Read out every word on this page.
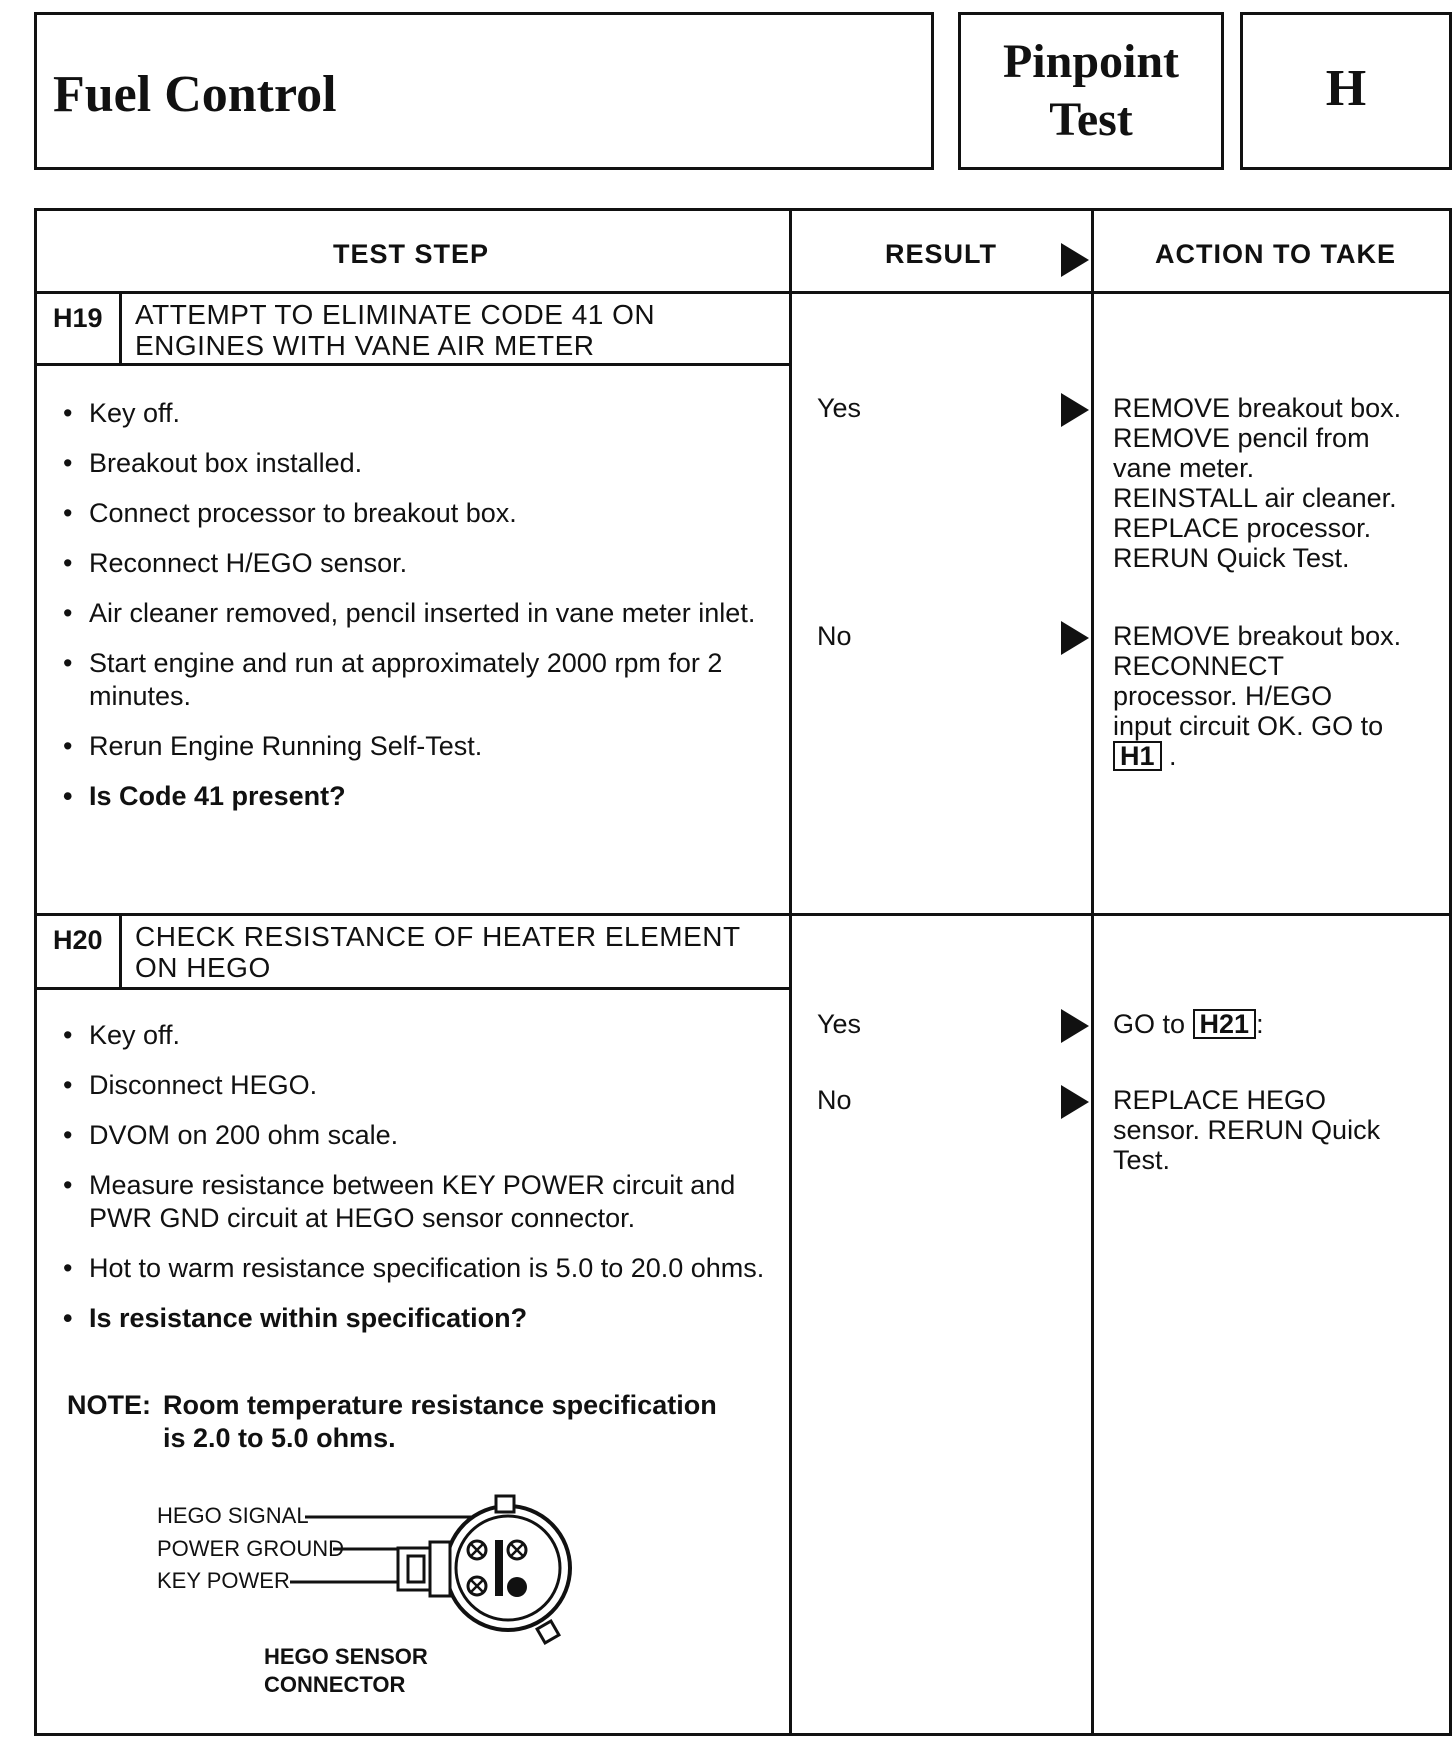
Fuel Control
Pinpoint
Test
H
TEST STEP	RESULT	ACTION TO TAKE
H19 ATTEMPT TO ELIMINATE CODE 41 ON
ENGINES WITH VANE AIR METER
• Key off.
• Breakout box installed.
• Connect processor to breakout box.
• Reconnect H/EGO sensor.
• Air cleaner removed, pencil inserted in vane meter inlet.
• Start engine and run at approximately 2000 rpm for 2 minutes.
• Rerun Engine Running Self-Test.
• Is Code 41 present?
Yes	REMOVE breakout box.
REMOVE pencil from
vane meter.
REINSTALL air cleaner.
REPLACE processor.
RERUN Quick Test.
No	REMOVE breakout box.
RECONNECT
processor. H/EGO
input circuit OK. GO to
H1 .
H20 CHECK RESISTANCE OF HEATER ELEMENT
ON HEGO
• Key off.
• Disconnect HEGO.
• DVOM on 200 ohm scale.
• Measure resistance between KEY POWER circuit and PWR GND circuit at HEGO sensor connector.
• Hot to warm resistance specification is 5.0 to 20.0 ohms.
• Is resistance within specification?
NOTE: Room temperature resistance specification
is 2.0 to 5.0 ohms.
Yes	GO to H21 :
No	REPLACE HEGO
sensor. RERUN Quick
Test.
HEGO SIGNAL
POWER GROUND
KEY POWER
HEGO SENSOR
CONNECTOR
